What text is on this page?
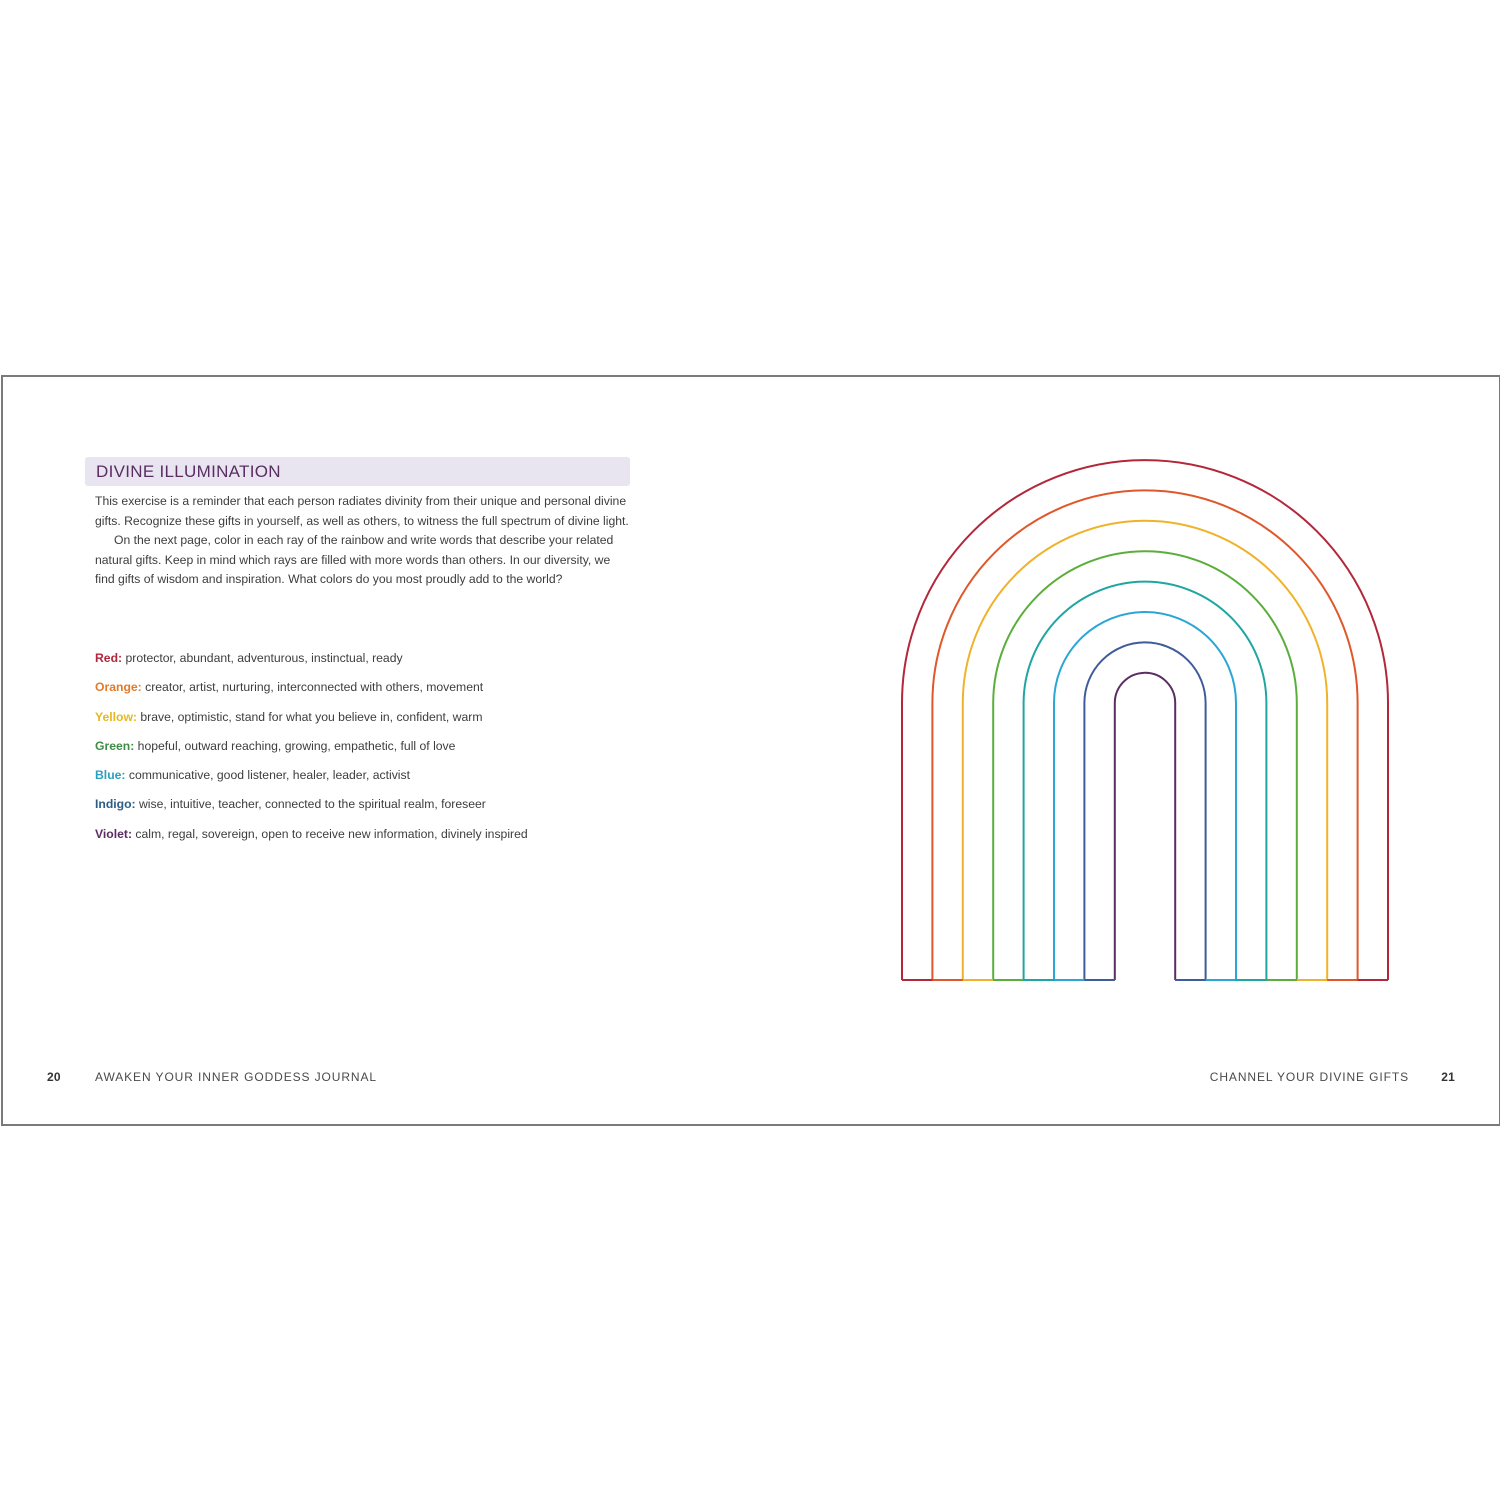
DIVINE ILLUMINATION

This exercise is a reminder that each person radiates divinity from their unique and personal divine gifts. Recognize these gifts in yourself, as well as others, to witness the full spectrum of divine light.

On the next page, color in each ray of the rainbow and write words that describe your related natural gifts. Keep in mind which rays are filled with more words than others. In our diversity, we find gifts of wisdom and inspiration. What colors do you most proudly add to the world?

Red: protector, abundant, adventurous, instinctual, ready
Orange: creator, artist, nurturing, interconnected with others, movement
Yellow: brave, optimistic, stand for what you believe in, confident, warm
Green: hopeful, outward reaching, growing, empathetic, full of love
Blue: communicative, good listener, healer, leader, activist
Indigo: wise, intuitive, teacher, connected to the spiritual realm, foreseer
Violet: calm, regal, sovereign, open to receive new information, divinely inspired
20	AWAKEN YOUR INNER GODDESS JOURNAL	CHANNEL YOUR DIVINE GIFTS	21
